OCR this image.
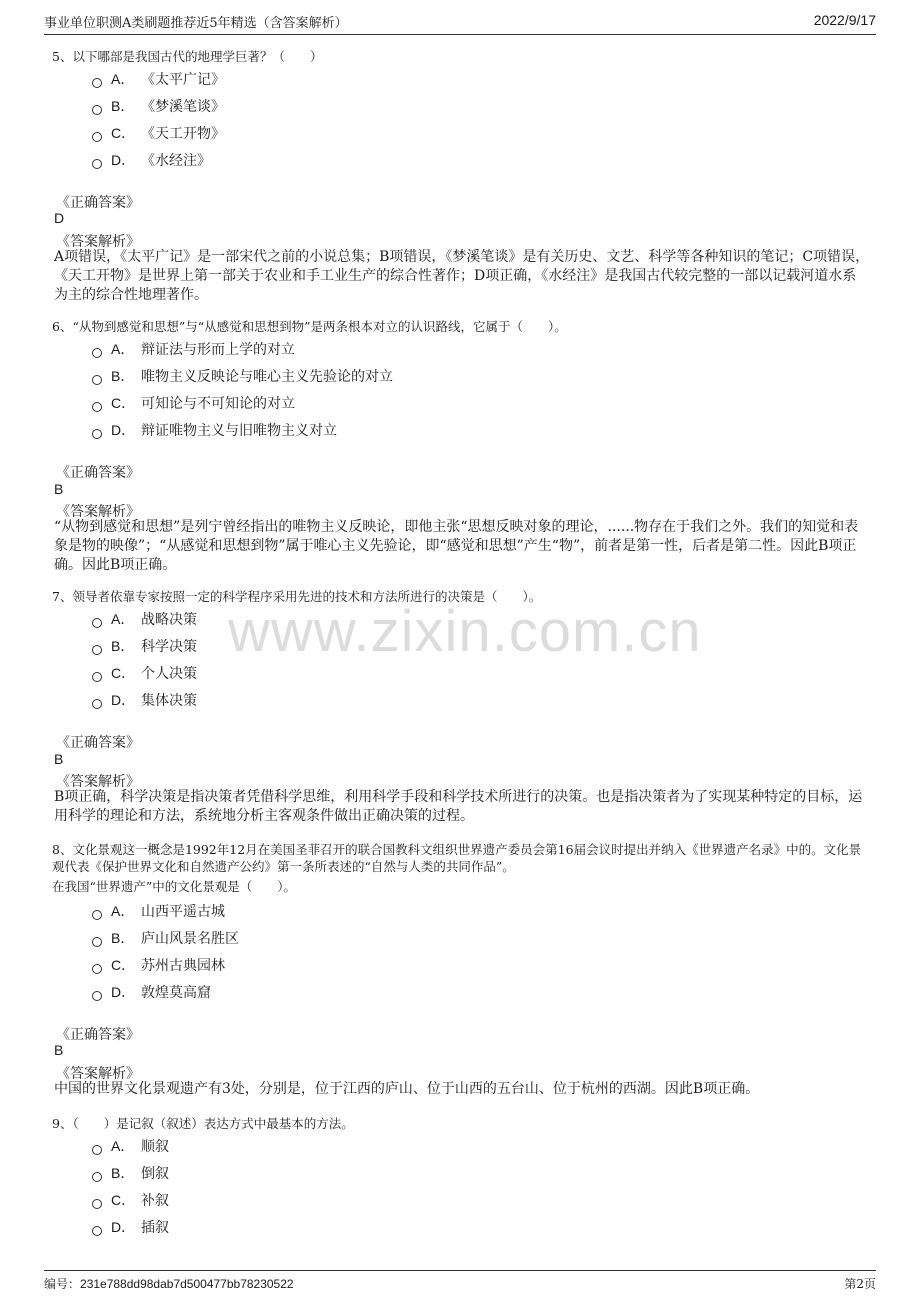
事业单位职测A类刷题推荐近5年精选（含答案解析）	2022/9/17
www.zixin.com.cn
5、以下哪部是我国古代的地理学巨著？（　　）
A． 《太平广记》
B． 《梦溪笔谈》
C． 《天工开物》
D． 《水经注》
《正确答案》
D
《答案解析》
A项错误，《太平广记》是一部宋代之前的小说总集；B项错误，《梦溪笔谈》是有关历史、文艺、科学等各种知识的笔记；C项错误，《天工开物》是世界上第一部关于农业和手工业生产的综合性著作；D项正确，《水经注》是我国古代较完整的一部以记载河道水系为主的综合性地理著作。
6、“从物到感觉和思想”与“从感觉和思想到物”是两条根本对立的认识路线，它属于（　　）。
A． 辩证法与形而上学的对立
B． 唯物主义反映论与唯心主义先验论的对立
C． 可知论与不可知论的对立
D． 辩证唯物主义与旧唯物主义对立
《正确答案》
B
《答案解析》
“从物到感觉和思想”是列宁曾经指出的唯物主义反映论，即他主张“思想反映对象的理论，......物存在于我们之外。我们的知觉和表象是物的映像”；“从感觉和思想到物”属于唯心主义先验论，即“感觉和思想”产生“物”，前者是第一性，后者是第二性。因此B项正确。因此B项正确。
7、领导者依靠专家按照一定的科学程序采用先进的技术和方法所进行的决策是（　　）。
A． 战略决策
B． 科学决策
C． 个人决策
D． 集体决策
《正确答案》
B
《答案解析》
B项正确，科学决策是指决策者凭借科学思维，利用科学手段和科学技术所进行的决策。也是指决策者为了实现某种特定的目标，运用科学的理论和方法，系统地分析主客观条件做出正确决策的过程。
8、文化景观这一概念是1992年12月在美国圣菲召开的联合国教科文组织世界遗产委员会第16届会议时提出并纳入《世界遗产名录》中的。文化景观代表《保护世界文化和自然遗产公约》第一条所表述的“自然与人类的共同作品”。
在我国“世界遗产”中的文化景观是（　　）。
A． 山西平遥古城
B． 庐山风景名胜区
C． 苏州古典园林
D． 敦煌莫高窟
《正确答案》
B
《答案解析》
中国的世界文化景观遗产有3处，分别是，位于江西的庐山、位于山西的五台山、位于杭州的西湖。因此B项正确。
9、（　　）是记叙（叙述）表达方式中最基本的方法。
A． 顺叙
B． 倒叙
C． 补叙
D． 插叙
编号：231e788dd98dab7d500477bb78230522	第2页
